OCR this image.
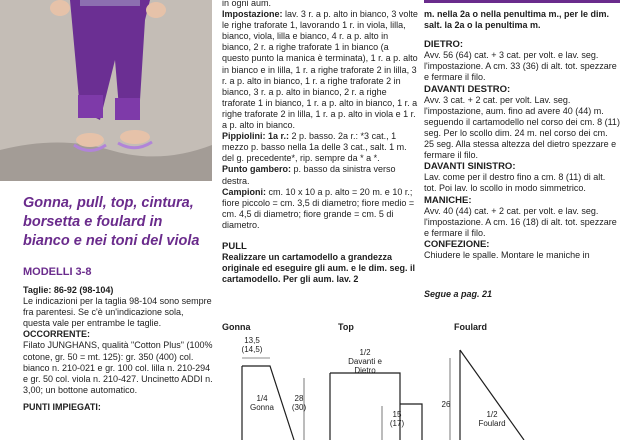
Gonna, pull, top, cintura,
borsetta e foulard in
bianco e nei toni del viola
MODELLI 3-8

Taglie: 86-92 (98-104)

Le indicazioni per la taglia 98-104 sono sempre fra parentesi. Se c'è un'indicazione sola, questa vale per entrambe le taglie.

OCCORRENTE:

Filato JUNGHANS, qualità "Cotton Plus" (100% cotone, gr. 50 = mt. 125): gr. 350 (400) col. bianco n. 210-021 e gr. 100 col. lilla n. 210-294 e gr. 50 col. viola n. 210-427. Uncinetto ADDI n. 3,00; un bottone automatico.

PUNTI IMPIEGATI:

in ogni aum.

Impostazione: lav. 3 r. a p. alto in bianco, 3 volte le righe traforate 1, lavorando 1 r. in viola, lilla, bianco, viola, lilla e bianco, 4 r. a p. alto in bianco, 2 r. a righe traforate 1 in bianco (a questo punto la manica è terminata), 1 r. a p. alto in bianco e in lilla, 1 r. a righe traforate 2 in lilla, 3 r. a p. alto in bianco, 1 r. a righe traforate 2 in bianco, 3 r. a p. alto in bianco, 2 r. a righe traforate 1 in bianco, 1 r. a p. alto in bianco, 1 r. a righe traforate 2 in lilla, 1 r. a p. alto in viola e 1 r. a p. alto in bianco.

Pippiolini: 1a r.: 2 p. basso. 2a r.: *3 cat., 1 mezzo p. basso nella 1a delle 3 cat., salt. 1 m. del g. precedente*, rip. sempre da * a *.

Punto gambero: p. basso da sinistra verso destra.

Campioni: cm. 10 x 10 a p. alto = 20 m. e 10 r.; fiore piccolo = cm. 3,5 di diametro; fiore medio = cm. 4,5 di diametro; fiore grande = cm. 5 di diametro.

PULL

Realizzare un cartamodello a grandezza originale ed eseguire gli aum. e le dim. seg. il cartamodello. Per gli aum. lav. 2

m. nella 2a o nella penultima m., per le dim. salt. la 2a o la penultima m.

DIETRO:

Avv. 56 (64) cat. + 3 cat. per volt. e lav. seg. l'impostazione. A cm. 33 (36) di alt. tot. spezzare e fermare il filo.

DAVANTI DESTRO:

Avv. 3 cat. + 2 cat. per volt. Lav. seg. l'impostazione, aum. fino ad avere 40 (44) m. seguendo il cartamodello nel corso dei cm. 8 (11) seg. Per lo scollo dim. 24 m. nel corso dei cm. 25 seg. Alla stessa altezza del dietro spezzare e fermare il filo.

DAVANTI SINISTRO:

Lav. come per il destro fino a cm. 8 (11) di alt. tot. Poi lav. lo scollo in modo simmetrico.

MANICHE:

Avv. 40 (44) cat. + 2 cat. per volt. e lav. seg. l'impostazione. A cm. 16 (18) di alt. tot. spezzare e fermare il filo.

CONFEZIONE:

Chiudere le spalle. Montare le maniche in

Segue a pag. 21
Gonna
13,5
(14,5)
1/4
Gonna
28
(30)
Top
1/2
Davanti e
Dietro
15
(17)
Foulard
26
1/2
Foulard
